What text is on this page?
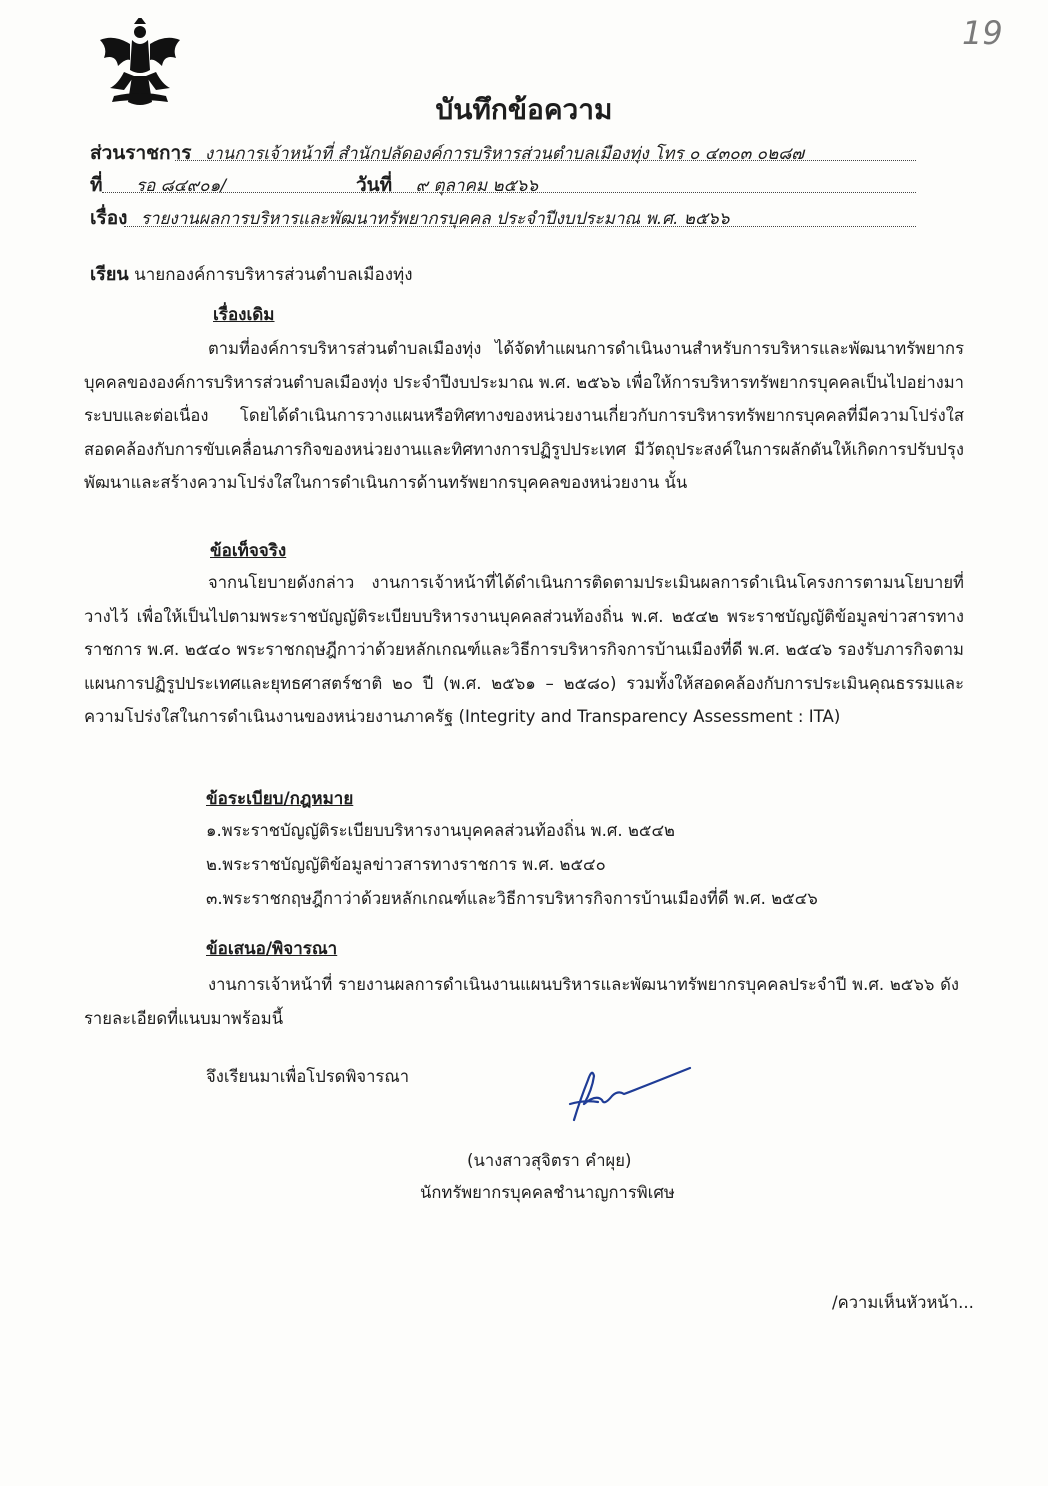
19
บันทึกข้อความ
ส่วนราชการ งานการเจ้าหน้าที่ สำนักปลัดองค์การบริหารส่วนตำบลเมืองทุ่ง โทร ๐ ๔๓๐๓ ๐๒๘๗
ที่ รอ ๘๔๙๐๑/	วันที่ ๙ ตุลาคม ๒๕๖๖
เรื่อง รายงานผลการบริหารและพัฒนาทรัพยากรบุคคล ประจำปีงบประมาณ พ.ศ. ๒๕๖๖
เรียน นายกองค์การบริหารส่วนตำบลเมืองทุ่ง
เรื่องเดิม

ตามที่องค์การบริหารส่วนตำบลเมืองทุ่ง ได้จัดทำแผนการดำเนินงานสำหรับการบริหารและพัฒนาทรัพยากรบุคคลขององค์การบริหารส่วนตำบลเมืองทุ่ง ประจำปีงบประมาณ พ.ศ. ๒๕๖๖ เพื่อให้การบริหารทรัพยากรบุคคลเป็นไปอย่างมาระบบและต่อเนื่อง โดยได้ดำเนินการวางแผนหรือทิศทางของหน่วยงานเกี่ยวกับการบริหารทรัพยากรบุคคลที่มีความโปร่งใส สอดคล้องกับการขับเคลื่อนภารกิจของหน่วยงานและทิศทางการปฏิรูปประเทศ มีวัตถุประสงค์ในการผลักดันให้เกิดการปรับปรุง พัฒนาและสร้างความโปร่งใสในการดำเนินการด้านทรัพยากรบุคคลของหน่วยงาน นั้น

ข้อเท็จจริง

จากนโยบายดังกล่าว งานการเจ้าหน้าที่ได้ดำเนินการติดตามประเมินผลการดำเนินโครงการตามนโยบายที่วางไว้ เพื่อให้เป็นไปตามพระราชบัญญัติระเบียบบริหารงานบุคคลส่วนท้องถิ่น พ.ศ. ๒๕๔๒ พระราชบัญญัติข้อมูลข่าวสารทางราชการ พ.ศ. ๒๕๔๐ พระราชกฤษฎีกาว่าด้วยหลักเกณฑ์และวิธีการบริหารกิจการบ้านเมืองที่ดี พ.ศ. ๒๕๔๖ รองรับภารกิจตามแผนการปฏิรูปประเทศและยุทธศาสตร์ชาติ ๒๐ ปี (พ.ศ. ๒๕๖๑ – ๒๕๘๐) รวมทั้งให้สอดคล้องกับการประเมินคุณธรรมและความโปร่งใสในการดำเนินงานของหน่วยงานภาครัฐ (Integrity and Transparency Assessment : ITA)

ข้อระเบียบ/กฎหมาย
๑.พระราชบัญญัติระเบียบบริหารงานบุคคลส่วนท้องถิ่น พ.ศ. ๒๕๔๒
๒.พระราชบัญญัติข้อมูลข่าวสารทางราชการ พ.ศ. ๒๕๔๐
๓.พระราชกฤษฎีกาว่าด้วยหลักเกณฑ์และวิธีการบริหารกิจการบ้านเมืองที่ดี พ.ศ. ๒๕๔๖
ข้อเสนอ/พิจารณา

งานการเจ้าหน้าที่ รายงานผลการดำเนินงานแผนบริหารและพัฒนาทรัพยากรบุคคลประจำปี พ.ศ. ๒๕๖๖ ดังรายละเอียดที่แนบมาพร้อมนี้

จึงเรียนมาเพื่อโปรดพิจารณา
(นางสาวสุจิตรา คำผุย)
นักทรัพยากรบุคคลชำนาญการพิเศษ
/ความเห็นหัวหน้า...
